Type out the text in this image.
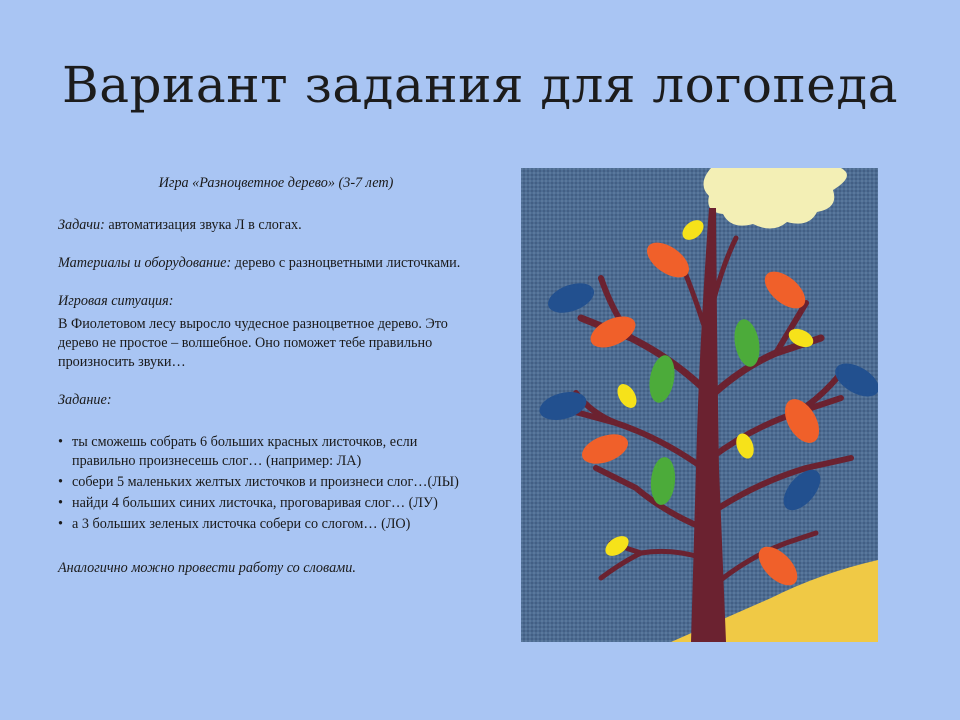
Вариант задания для логопеда

Игра «Разноцветное дерево» (3-7 лет)

Задачи: автоматизация звука Л в слогах.

Материалы и оборудование: дерево с разноцветными листочками.

Игровая ситуация:

В Фиолетовом лесу выросло чудесное разноцветное дерево. Это дерево не простое – волшебное. Оно поможет тебе правильно произносить звуки…

Задание:

• ты сможешь собрать 6 больших красных листочков, если правильно произнесешь слог… (например: ЛА)
• собери 5 маленьких желтых листочков и произнеси слог…(ЛЫ)
• найди 4 больших синих листочка, проговаривая слог… (ЛУ)
• а 3 больших зеленых листочка собери со слогом… (ЛО)

Аналогично можно провести работу со словами.
